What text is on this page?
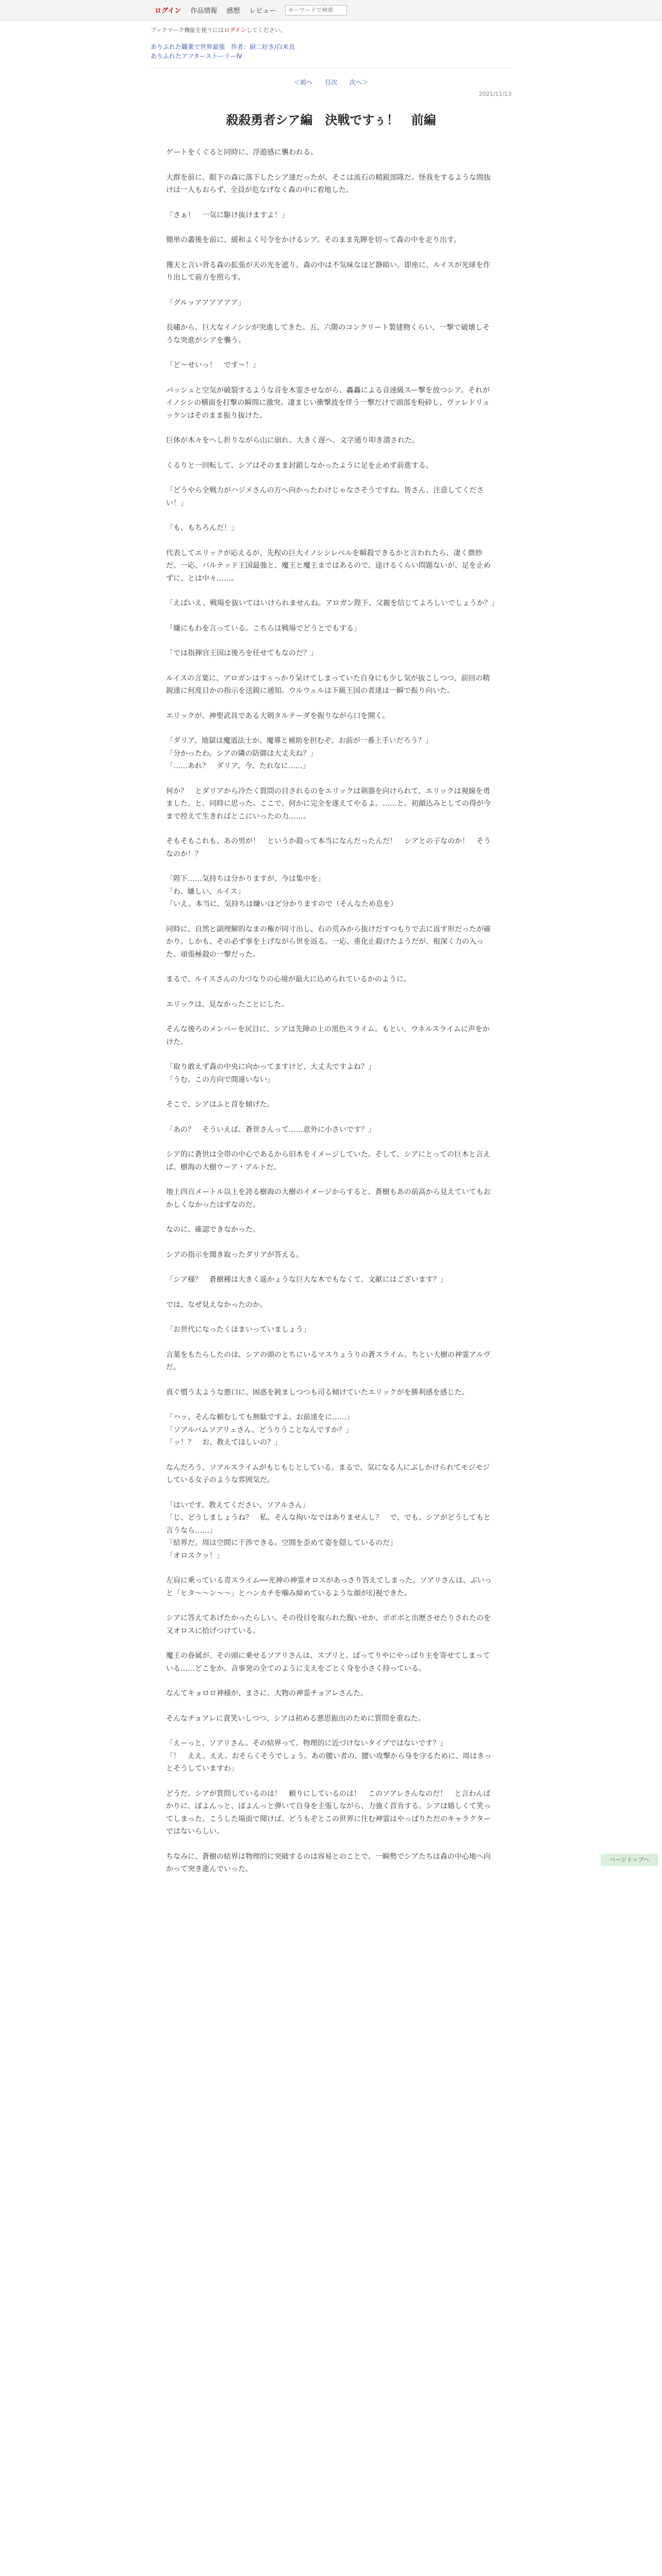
ログイン 作品情報 感想 レビュー
キーワードで検索
ブックマーク機能を使うにはログインしてください。
ありふれた職業で世界最強　作者：厨二好き/白米良
ありふれたアフターストーリーⅣ
＜前へ 目次 次へ＞
2021/11/13
殺殺勇者シア編　決戦ですぅ！　前編

ゲートをくぐると同時に、浮遊感に襲われる。

大群を前に、眼下の森に落下したシア達だったが、そこは流石の精鋭部隊だ。怪我をするような間抜けは一人もおらず、全員が危なげなく森の中に着地した。

「さぁ！　一気に駆け抜けますよ！」

簡単の叢後を前に、緩和よく号令をかけるシア。そのまま先陣を切って森の中を走り出す。

獲天と言い背る森の拡張が天の光を遮り、森の中は不気味なほど静暗い。即座に、ルイスが光球を作り出して前方を照らす。

「グルッアアアアアア」

長嘯から、巨大なイノシシが突進してきた。五、六階のコンクリート製建物くらい、一撃で破壊しそうな突進がシアを襲う。

「ど～せいっ！　です～！」

パッシュと空気が破裂するような音を木霊させながら、轟轟による音速級スー撃を放つシア。それがイノシシの横面を打撃の瞬間に激突。凄まじい衝撃波を伴う一撃だけで頭部を粉砕し、ヴァレドリュッケンはそのまま振り抜けた。

巨体が木々をへし折りながら山に崩れ、大きく遅へ、文字通り叩き潰された。

くるりと一回転して、シアはそのまま封鎖しなかったように足を止めず前進する。

「どうやら全戦力がハジメさんの方へ向かったわけじゃなさそうですね。皆さん、注意してください！」

「も、もちろんだ！」

代表してエリックが応えるが、先程の巨大イノシシレベルを瞬殺できるかと言われたら、凄く微妙だ。一応、バルテッド王国最強と、魔王と魔王まではあるので、途けるくらい問題ないが、足を止めずに、とは中々……。

「えばいえ、戦場を抜いてはいけられませんね。アロガン陛下、父親を信じてよろしいでしょうか？」

「嫌にもわを言っている。こちらは戦場でどうとでもする」

「では指揮官王国は後ろを任せてもなのだ？」

ルイスの言葉に、アロガンはすぅっかり呆けてしまっていた自身にも少し気が抜こしつつ、前回の精鋭達に何度目かの指示を送鋭に通知。ウルウェルは下級王国の者達は一瞬で振り向いた。

エリックが、神聖武具である大剣タルテーダを振りながら口を開く。

「ダリア、地獄は魔道法士か、魔導と補助を担むぞ。お前が一番上手いだろう？」
「分かったわ。シアの隣の防御は大丈夫ね？」
「……あれ？　ダリア、今、たれなに……」

何か？　とダリアから冷たく質問の目されるのをエリックは剣器を向けられて、エリックは視線を勇ました。と、同時に思った。ここで、何かに完全を遂えてやるよ。……と。初顔込みとしての得が今まで控えて生きればとこにいったの力……。

そもそもこれも、あの男が！　というか殺って本当になんだったんだ！　シアとの子なのか！　そうなのか！？

「陛下……気持ちは分かりますが、今は集中を」
「わ、嫌しい、ルイス」
「いえ。本当に、気持ちは嫌いほど分かりますので（そんなため息を）

同時に、自然と副理解的なまの権が同寸出し、右の荒みから抜けだすつもりで去に返す形だったが確かり。しかも、その必ず事を上げながら世を返る。一応、重化止殺けたようだが、根深く力の入った、頑張極殺の一撃だった。

まるで、ルイスさんの力づなりの心境が最大に込められているかのように。

エリックは、見なかったことにした。

そんな後ろのメンバーを尻目に、シアは先陣の上の黒色スライム。もとい、ウネルスライムに声をかけた。

「取り敢えず森の中央に向かってますけど、大丈夫ですよね？」
「うむ。この方向で間違いない」

そこで、シアはふと首を傾げた。

「あの？　そういえば、蒼世さんって……意外に小さいです？」

シア的に蒼世は全帯の中心であるから旧木をイメージしていた。そして、シアにとっての巨木と言えば、樹海の大樹ウーア・アルトだ。

地上四百メートル以上を誇る樹海の大樹のイメージからすると、蒼樹もあの前高から見えていてもおかしくなかったはずなのだ。

なのに、確認できなかった。

シアの指示を聞き取ったダリアが答える。

「シア様？　蒼樹種は大きく遥かょうな巨大な木でもなくて、文献にはございます？」

では、なぜ見えなかったのか。

「お世代になったくほまいっていましょう」

言葉をもたらしたのは、シアの頭のとちにいるマスりょうりの蒼スライム。ちとい大樹の神霊アルヴだ。

真ぐ慣う太ような悪口に、困惑を鈍ましつつも司る傾けていたエリックがを勝利感を感じた。

「ハッ、そんな頼むしても無駄ですよ。お前達をに……」
「ソアルバムソアリェさん、どうりうことなんですか？」
「ッ！？　お、教えてほしいの？」

なんだろう、ソアルスライムがもじもじとしている。まるで、気になる人にぶしかけられてモジモジしている女子のような雰囲気だ。

「はいです。教えてください、ソアルさん」
「じ、どうしましょうね？　私、そんな拘いなではありませんし？　で、でも、シアがどうしてもと言うなら……」
「結界だ。周は空間に干渉できる。空間を歪めて姿を隠しているのだ」
「オロスクッ！」

左肩に乗っている青スライム──光神の神霊オロスがあっさり答えてしまった。ソアリさんは、ぷいっと「ヒタ～～ン～～」とハンカチを噛み締めているような顔が幻視できた。

シアに答えてあげたかったらしい。その役目を取られた腹いせか、ポボボと出歴させたりされたのを又オロスに拾げつけている。

魔王の眷属が、その頭に乗せるソアリさんは、スプリと、ぽってりやにやっぱり主を寄せてしまっている……どこをか、音事発の全てのように支えをごとく身を小さく持っている。

なんてキョロロ神様が、まさに、大物の神霊チョアレさんた。

そんなチョアレに責笑いしつつ、シアは初める悪思振出のために質問を重ねた。

「えーっと、ソアリさん。その結界って、物理的に近づけないタイプではないです？」
「！　ええ、ええ。おそらくそうでしょう。あの腰い者の、腰い攻撃から身を守るために、周はきっとそうしていますわ」

どうだ、シアが質問しているのは！　頼りにしているのは！　このソアレさんなのだ！　と言わんばかりに、ぼよんっと、ぼよんっと弾いて自身を主張しながら、力強く首肯する。シアは嬉しくて笑ってしまった。こうした場面で聞けば、どうもぞとこの世界に住む神霊はやっぱりただのキャラクターではないらしい。

ちなみに、蒼樹の結界は物理的に突破するのは容易とのことで、一瞬勢でシアたちは森の中心地へ向かって突き進んでいった。

ページトップへ
